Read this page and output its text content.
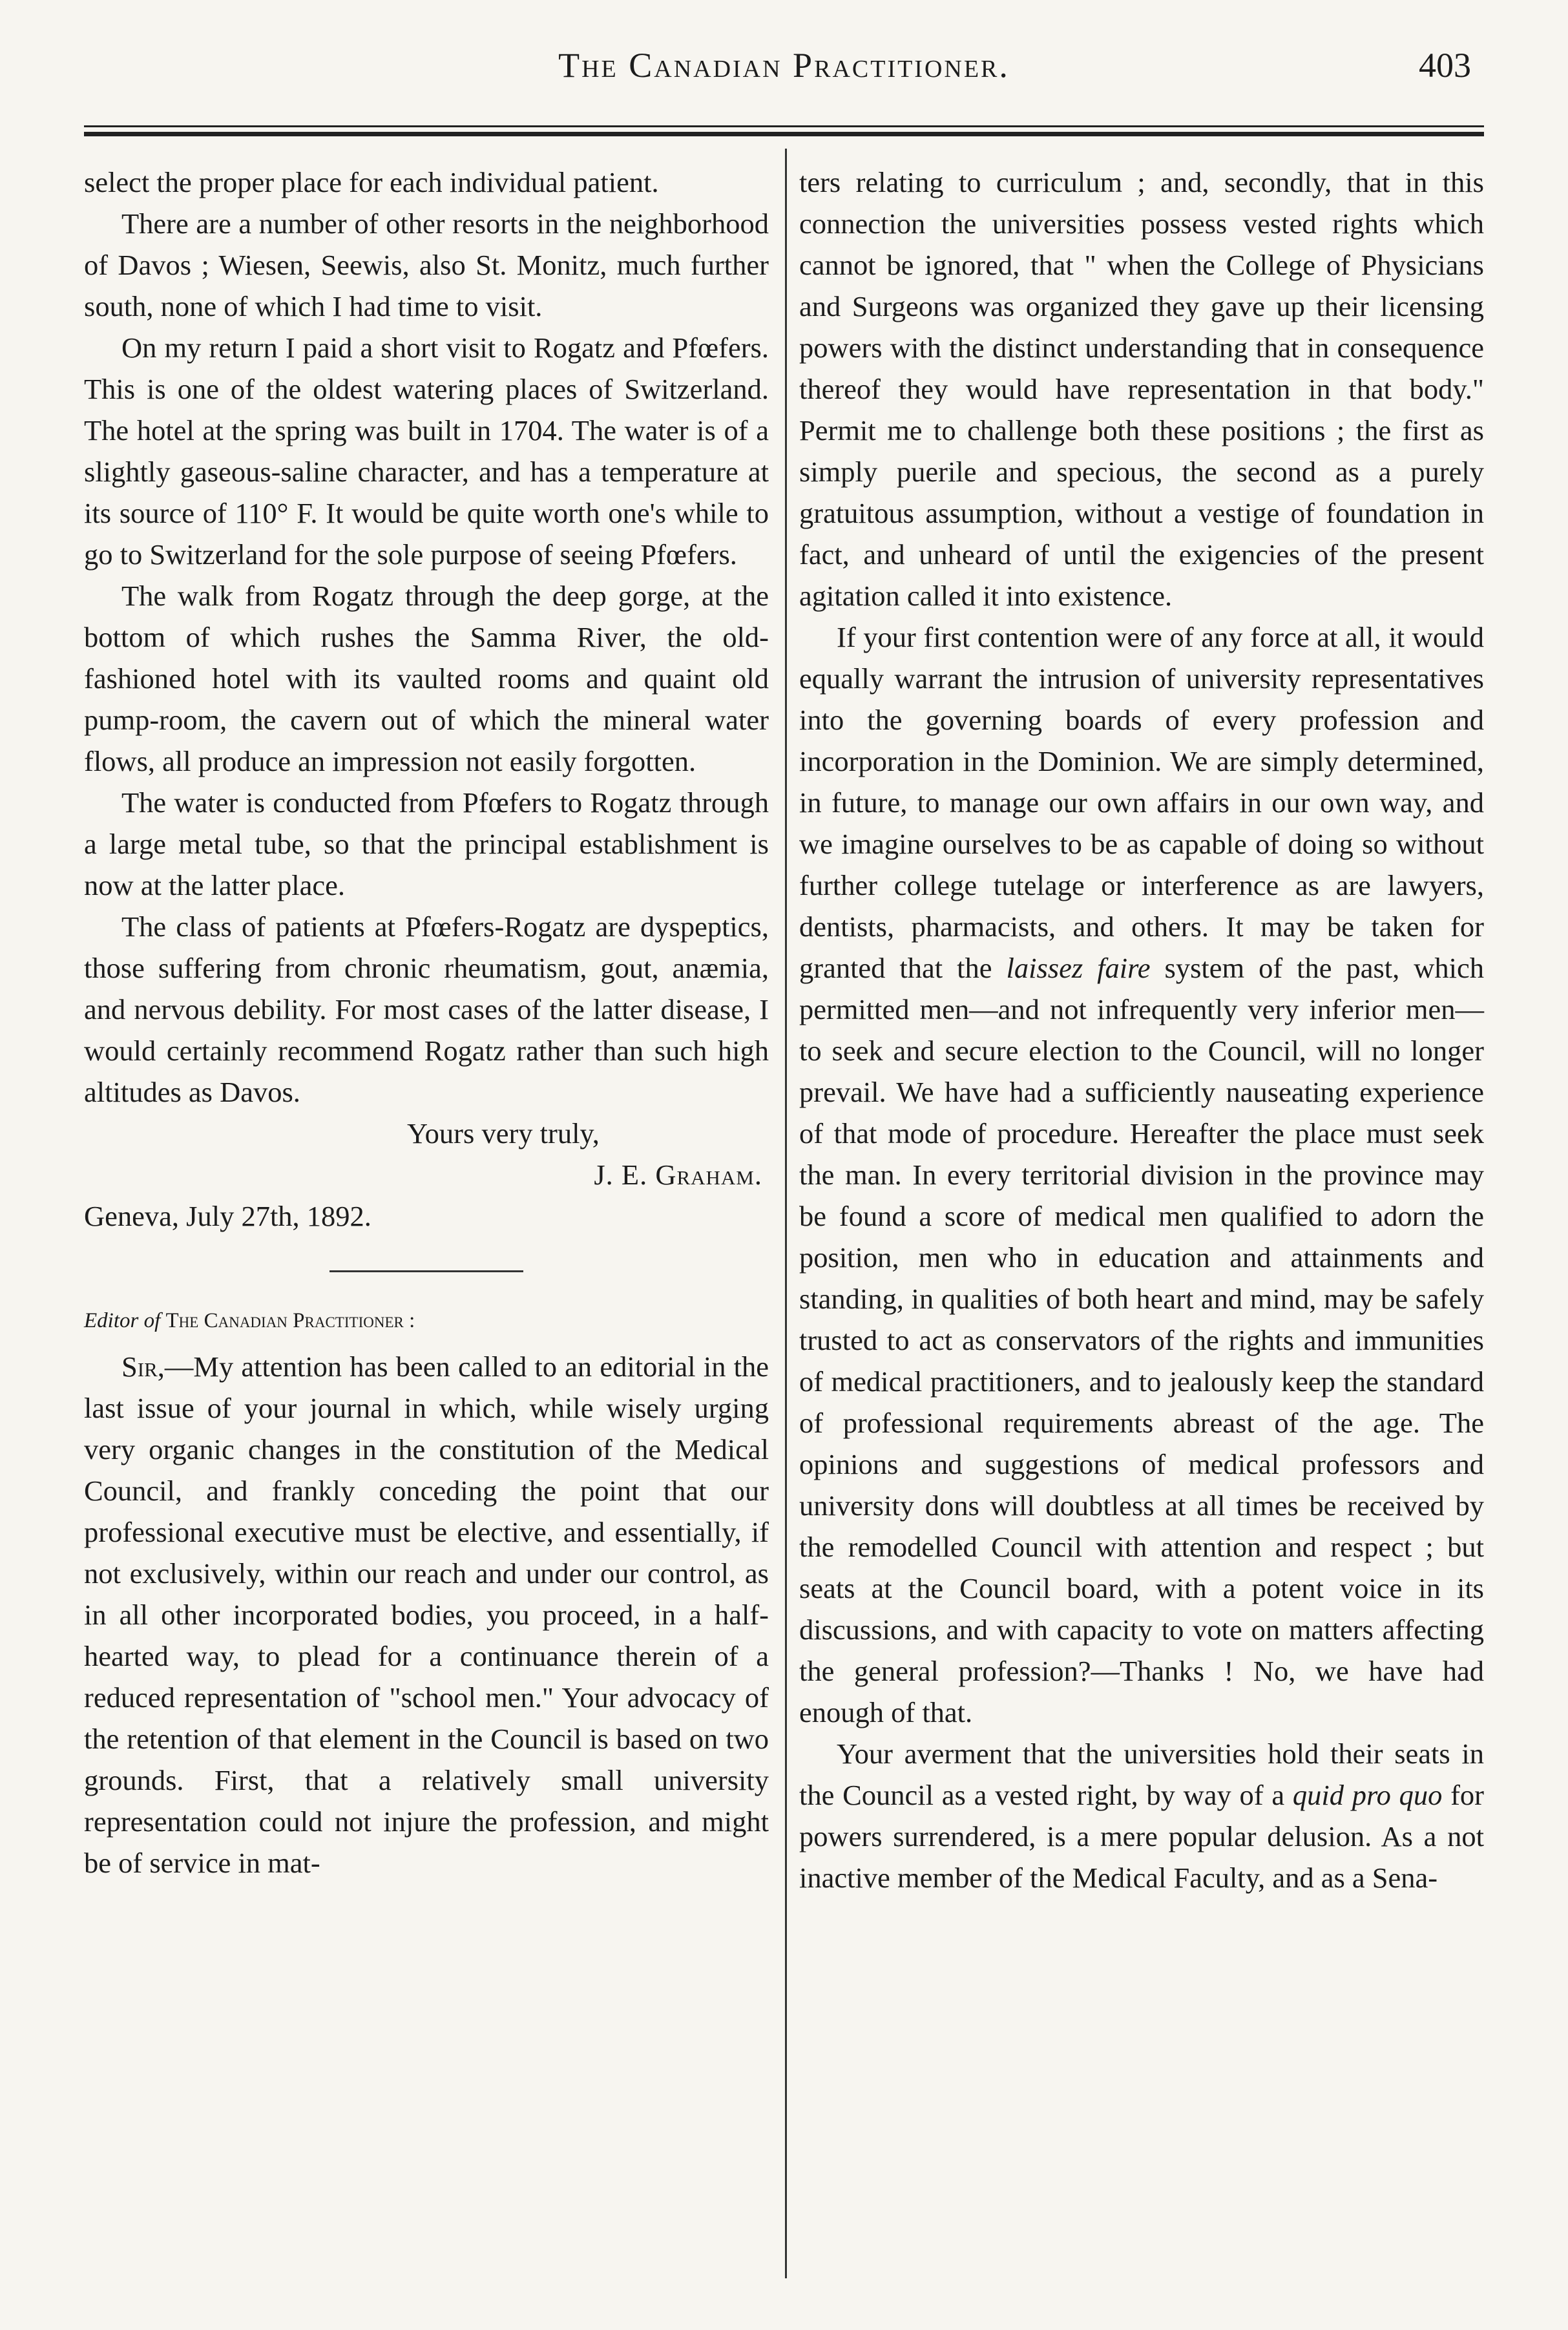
The Canadian Practitioner.	403

select the proper place for each individual patient.

There are a number of other resorts in the neighborhood of Davos ; Wiesen, Seewis, also St. Monitz, much further south, none of which I had time to visit.

On my return I paid a short visit to Rogatz and Pfœfers. This is one of the oldest watering places of Switzerland. The hotel at the spring was built in 1704. The water is of a slightly gaseous-saline character, and has a temperature at its source of 110° F. It would be quite worth one's while to go to Switzerland for the sole purpose of seeing Pfœfers.

The walk from Rogatz through the deep gorge, at the bottom of which rushes the Samma River, the old-fashioned hotel with its vaulted rooms and quaint old pump-room, the cavern out of which the mineral water flows, all produce an impression not easily forgotten.

The water is conducted from Pfœfers to Rogatz through a large metal tube, so that the principal establishment is now at the latter place.

The class of patients at Pfœfers-Rogatz are dyspeptics, those suffering from chronic rheumatism, gout, anæmia, and nervous debility. For most cases of the latter disease, I would certainly recommend Rogatz rather than such high altitudes as Davos.

Yours very truly,

J. E. Graham.

Geneva, July 27th, 1892.

Editor of The Canadian Practitioner :

Sir,—My attention has been called to an editorial in the last issue of your journal in which, while wisely urging very organic changes in the constitution of the Medical Council, and frankly conceding the point that our professional executive must be elective, and essentially, if not exclusively, within our reach and under our control, as in all other incorporated bodies, you proceed, in a half-hearted way, to plead for a continuance therein of a reduced representation of "school men." Your advocacy of the retention of that element in the Council is based on two grounds. First, that a relatively small university representation could not injure the profession, and might be of service in mat-

ters relating to curriculum ; and, secondly, that in this connection the universities possess vested rights which cannot be ignored, that " when the College of Physicians and Surgeons was organized they gave up their licensing powers with the distinct understanding that in consequence thereof they would have representation in that body." Permit me to challenge both these positions ; the first as simply puerile and specious, the second as a purely gratuitous assumption, without a vestige of foundation in fact, and unheard of until the exigencies of the present agitation called it into existence.

If your first contention were of any force at all, it would equally warrant the intrusion of university representatives into the governing boards of every profession and incorporation in the Dominion. We are simply determined, in future, to manage our own affairs in our own way, and we imagine ourselves to be as capable of doing so without further college tutelage or interference as are lawyers, dentists, pharmacists, and others. It may be taken for granted that the laissez faire system of the past, which permitted men—and not infrequently very inferior men—to seek and secure election to the Council, will no longer prevail. We have had a sufficiently nauseating experience of that mode of procedure. Hereafter the place must seek the man. In every territorial division in the province may be found a score of medical men qualified to adorn the position, men who in education and attainments and standing, in qualities of both heart and mind, may be safely trusted to act as conservators of the rights and immunities of medical practitioners, and to jealously keep the standard of professional requirements abreast of the age. The opinions and suggestions of medical professors and university dons will doubtless at all times be received by the remodelled Council with attention and respect ; but seats at the Council board, with a potent voice in its discussions, and with capacity to vote on matters affecting the general profession?—Thanks ! No, we have had enough of that.

Your averment that the universities hold their seats in the Council as a vested right, by way of a quid pro quo for powers surrendered, is a mere popular delusion. As a not inactive member of the Medical Faculty, and as a Sena-
